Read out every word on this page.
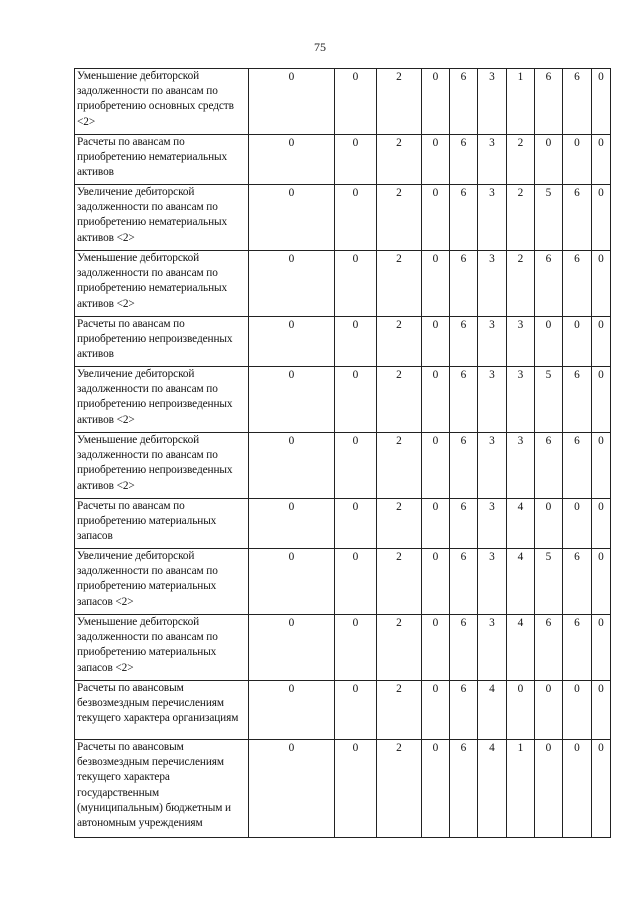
75
Уменьшение дебиторской задолженности по авансам по приобретению основных средств <2>	0	0	2	0	6	3	1	6	6	0
Расчеты по авансам по приобретению нематериальных активов	0	0	2	0	6	3	2	0	0	0
Увеличение дебиторской задолженности по авансам по приобретению нематериальных активов <2>	0	0	2	0	6	3	2	5	6	0
Уменьшение дебиторской задолженности по авансам по приобретению нематериальных активов <2>	0	0	2	0	6	3	2	6	6	0
Расчеты по авансам по приобретению непроизведенных активов	0	0	2	0	6	3	3	0	0	0
Увеличение дебиторской задолженности по авансам по приобретению непроизведенных активов <2>	0	0	2	0	6	3	3	5	6	0
Уменьшение дебиторской задолженности по авансам по приобретению непроизведенных активов <2>	0	0	2	0	6	3	3	6	6	0
Расчеты по авансам по приобретению материальных запасов	0	0	2	0	6	3	4	0	0	0
Увеличение дебиторской задолженности по авансам по приобретению материальных запасов <2>	0	0	2	0	6	3	4	5	6	0
Уменьшение дебиторской задолженности по авансам по приобретению материальных запасов <2>	0	0	2	0	6	3	4	6	6	0
Расчеты по авансовым безвозмездным перечислениям текущего характера организациям	0	0	2	0	6	4	0	0	0	0
Расчеты по авансовым безвозмездным перечислениям текущего характера государственным (муниципальным) бюджетным и автономным учреждениям	0	0	2	0	6	4	1	0	0	0
